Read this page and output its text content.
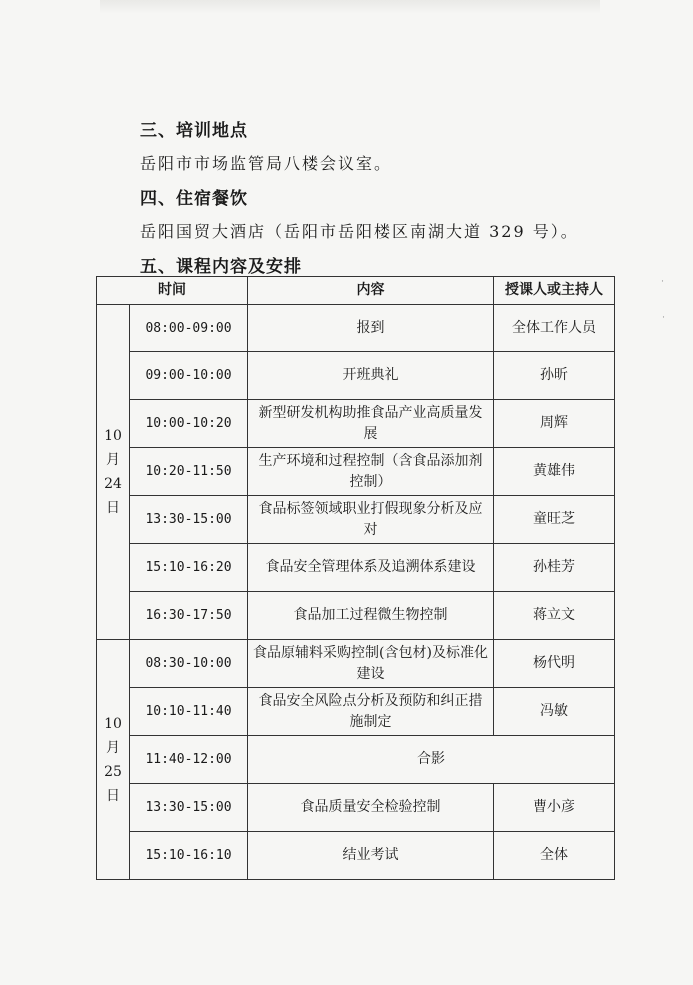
三、培训地点
岳阳市市场监管局八楼会议室。
四、住宿餐饮
岳阳国贸大酒店（岳阳市岳阳楼区南湖大道 329 号）。
五、课程内容及安排
˙
˙
时间		内容	授课人或主持人
10月24日	08:00-09:00	报到	全体工作人员
	09:00-10:00	开班典礼	孙昕
	10:00-10:20	新型研发机构助推食品产业高质量发展	周辉
	10:20-11:50	生产环境和过程控制（含食品添加剂控制）	黄雄伟
	13:30-15:00	食品标签领域职业打假现象分析及应对	童旺芝
	15:10-16:20	食品安全管理体系及追溯体系建设	孙桂芳
	16:30-17:50	食品加工过程微生物控制	蒋立文
10月25日	08:30-10:00	食品原辅料采购控制(含包材)及标准化建设	杨代明
	10:10-11:40	食品安全风险点分析及预防和纠正措施制定	冯敏
	11:40-12:00	合影	
	13:30-15:00	食品质量安全检验控制	曹小彦
	15:10-16:10	结业考试	全体
